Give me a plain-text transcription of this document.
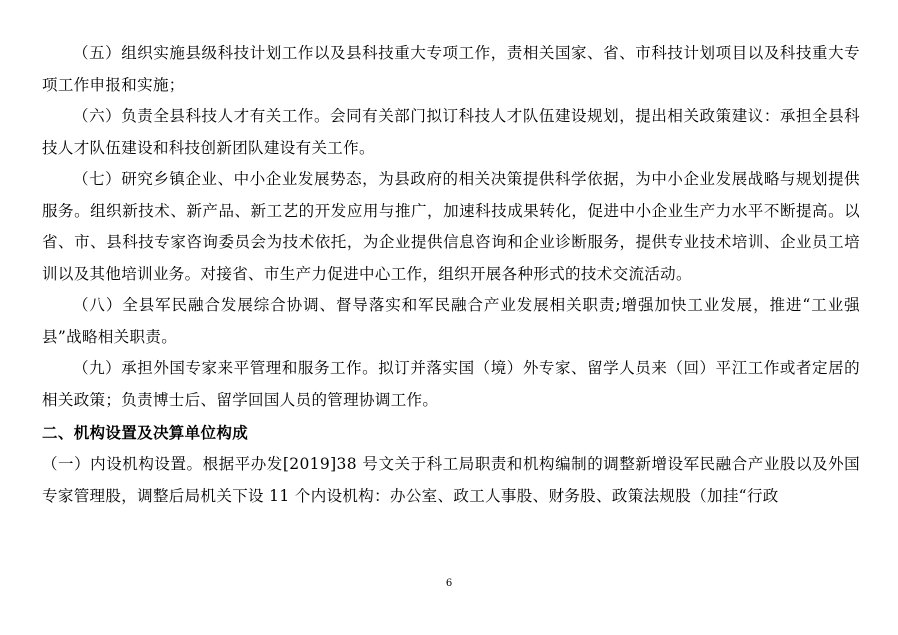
（五）组织实施县级科技计划工作以及县科技重大专项工作，责相关国家、省、市科技计划项目以及科技重大专项工作申报和实施；

（六）负责全县科技人才有关工作。会同有关部门拟订科技人才队伍建设规划，提出相关政策建议：承担全县科技人才队伍建设和科技创新团队建设有关工作。

（七）研究乡镇企业、中小企业发展势态，为县政府的相关决策提供科学依据，为中小企业发展战略与规划提供服务。组织新技术、新产品、新工艺的开发应用与推广，加速科技成果转化，促进中小企业生产力水平不断提高。以省、市、县科技专家咨询委员会为技术依托，为企业提供信息咨询和企业诊断服务，提供专业技术培训、企业员工培训以及其他培训业务。对接省、市生产力促进中心工作，组织开展各种形式的技术交流活动。

（八）全县军民融合发展综合协调、督导落实和军民融合产业发展相关职责;增强加快工业发展，推进“工业强县”战略相关职责。

（九）承担外国专家来平管理和服务工作。拟订并落实国（境）外专家、留学人员来（回）平江工作或者定居的相关政策；负责博士后、留学回国人员的管理协调工作。

二、机构设置及决算单位构成

（一）内设机构设置。根据平办发[2019]38 号文关于科工局职责和机构编制的调整新增设军民融合产业股以及外国专家管理股，调整后局机关下设 11 个内设机构：办公室、政工人事股、财务股、政策法规股（加挂“行政

6
